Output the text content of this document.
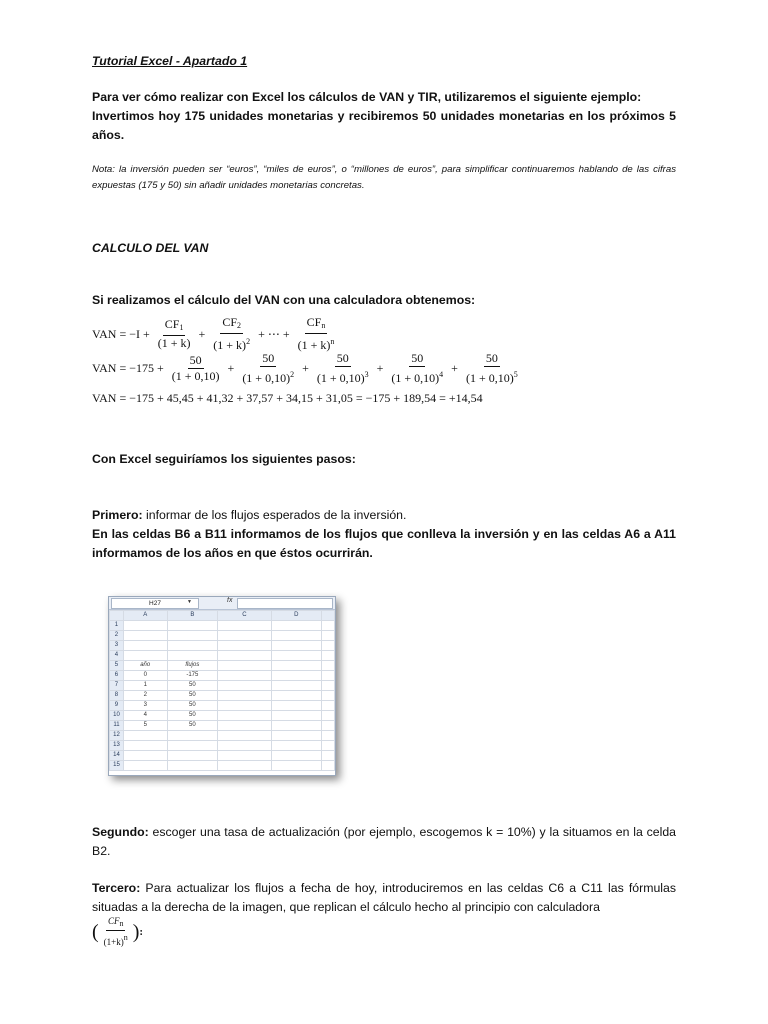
Tutorial Excel - Apartado 1
Para ver cómo realizar con Excel los cálculos de VAN y TIR, utilizaremos el siguiente ejemplo:
Invertimos hoy 175 unidades monetarias y recibiremos 50 unidades monetarias en los próximos 5 años.
Nota: la inversión pueden ser “euros”, “miles de euros”, o “millones de euros”, para simplificar continuaremos hablando de las cifras expuestas (175 y 50) sin añadir unidades monetarias concretas.
CALCULO DEL VAN
Si realizamos el cálculo del VAN con una calculadora obtenemos:
VAN = $-I + \frac{CF_1}{(1 + k)} + \frac{CF_2}{(1 + k)^2}$ + ⋯ + $\frac{CF_n}{(1 + k)^n}$
VAN = $-175 + \frac{50}{(1 + 0,10)} + \frac{50}{(1 + 0,10)^2} + \frac{50}{(1 + 0,10)^3} + \frac{50}{(1 + 0,10)^4} + \frac{50}{(1 + 0,10)^5}$
VAN = −175 + 45,45 + 41,32 + 37,57 + 34,15 + 31,05 = −175 + 189,54 = +14,54
Con Excel seguiríamos los siguientes pasos:
Primero: informar de los flujos esperados de la inversión.
En las celdas B6 a B11 informamos de los flujos que conlleva la inversión y en las celdas A6 a A11 informamos de los años en que éstos ocurrirán.
H27	▼	fx
	A	B	C	D	
1					
2					
3					
4					
5	año	flujos			
6	0	-175			
7	1	50			
8	2	50			
9	3	50			
10	4	50			
11	5	50			
12					
13					
14					
15					
Segundo: escoger una tasa de actualización (por ejemplo, escogemos k = 10%) y la situamos en la celda B2.
Tercero: Para actualizar los flujos a fecha de hoy, introduciremos en las celdas C6 a C11 las fórmulas situadas a la derecha de la imagen, que replican el cálculo hecho al principio con calculadora
( $\frac{\text{CFn}}{(1+k)n}$ ) :
